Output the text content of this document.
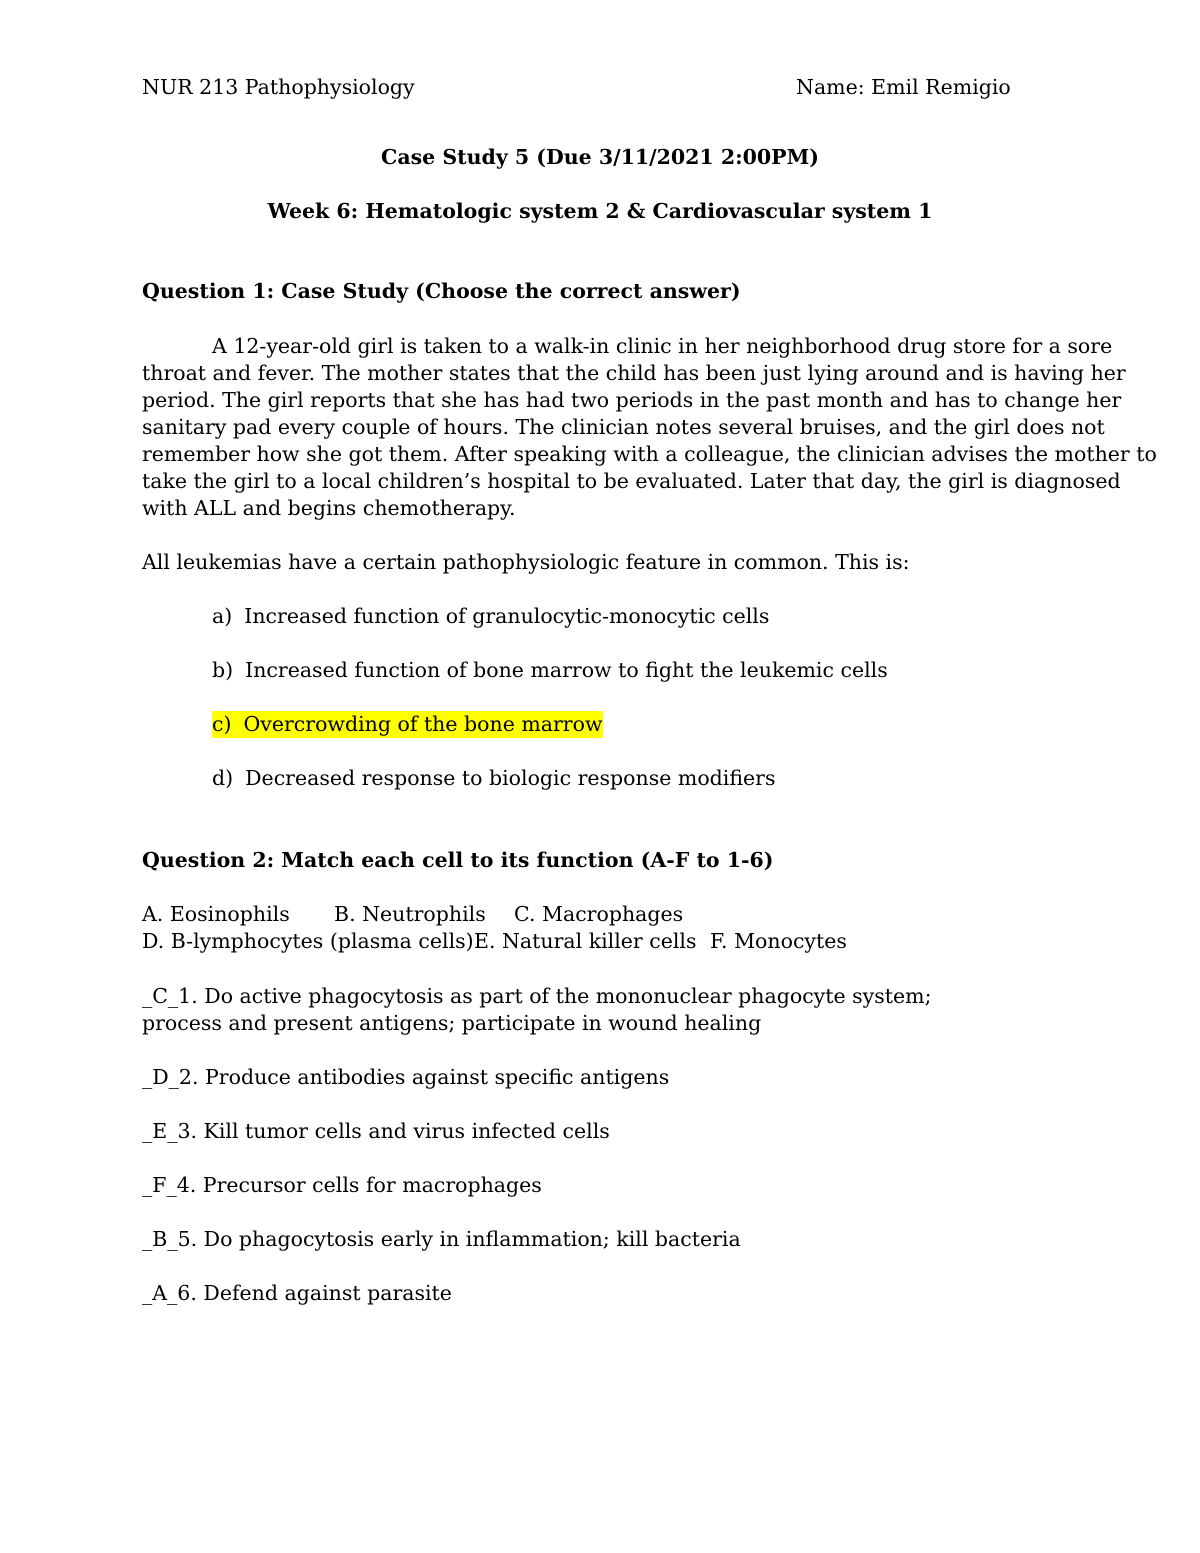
NUR 213 Pathophysiology	Name: Emil Remigio
Case Study 5 (Due 3/11/2021 2:00PM)
Week 6: Hematologic system 2 & Cardiovascular system 1
Question 1: Case Study (Choose the correct answer)
A 12-year-old girl is taken to a walk-in clinic in her neighborhood drug store for a sore
throat and fever. The mother states that the child has been just lying around and is having her
period. The girl reports that she has had two periods in the past month and has to change her
sanitary pad every couple of hours. The clinician notes several bruises, and the girl does not
remember how she got them. After speaking with a colleague, the clinician advises the mother to
take the girl to a local children’s hospital to be evaluated. Later that day, the girl is diagnosed
with ALL and begins chemotherapy.
All leukemias have a certain pathophysiologic feature in common. This is:
a) Increased function of granulocytic-monocytic cells
b) Increased function of bone marrow to fight the leukemic cells
c) Overcrowding of the bone marrow
d) Decreased response to biologic response modifiers
Question 2: Match each cell to its function (A-F to 1-6)
A. Eosinophils B. Neutrophils C. Macrophages
D. B-lymphocytes (plasma cells) E. Natural killer cells F. Monocytes
_C_1. Do active phagocytosis as part of the mononuclear phagocyte system;
process and present antigens; participate in wound healing
_D_2. Produce antibodies against specific antigens
_E_3. Kill tumor cells and virus infected cells
_F_4. Precursor cells for macrophages
_B_5. Do phagocytosis early in inflammation; kill bacteria
_A_6. Defend against parasite
